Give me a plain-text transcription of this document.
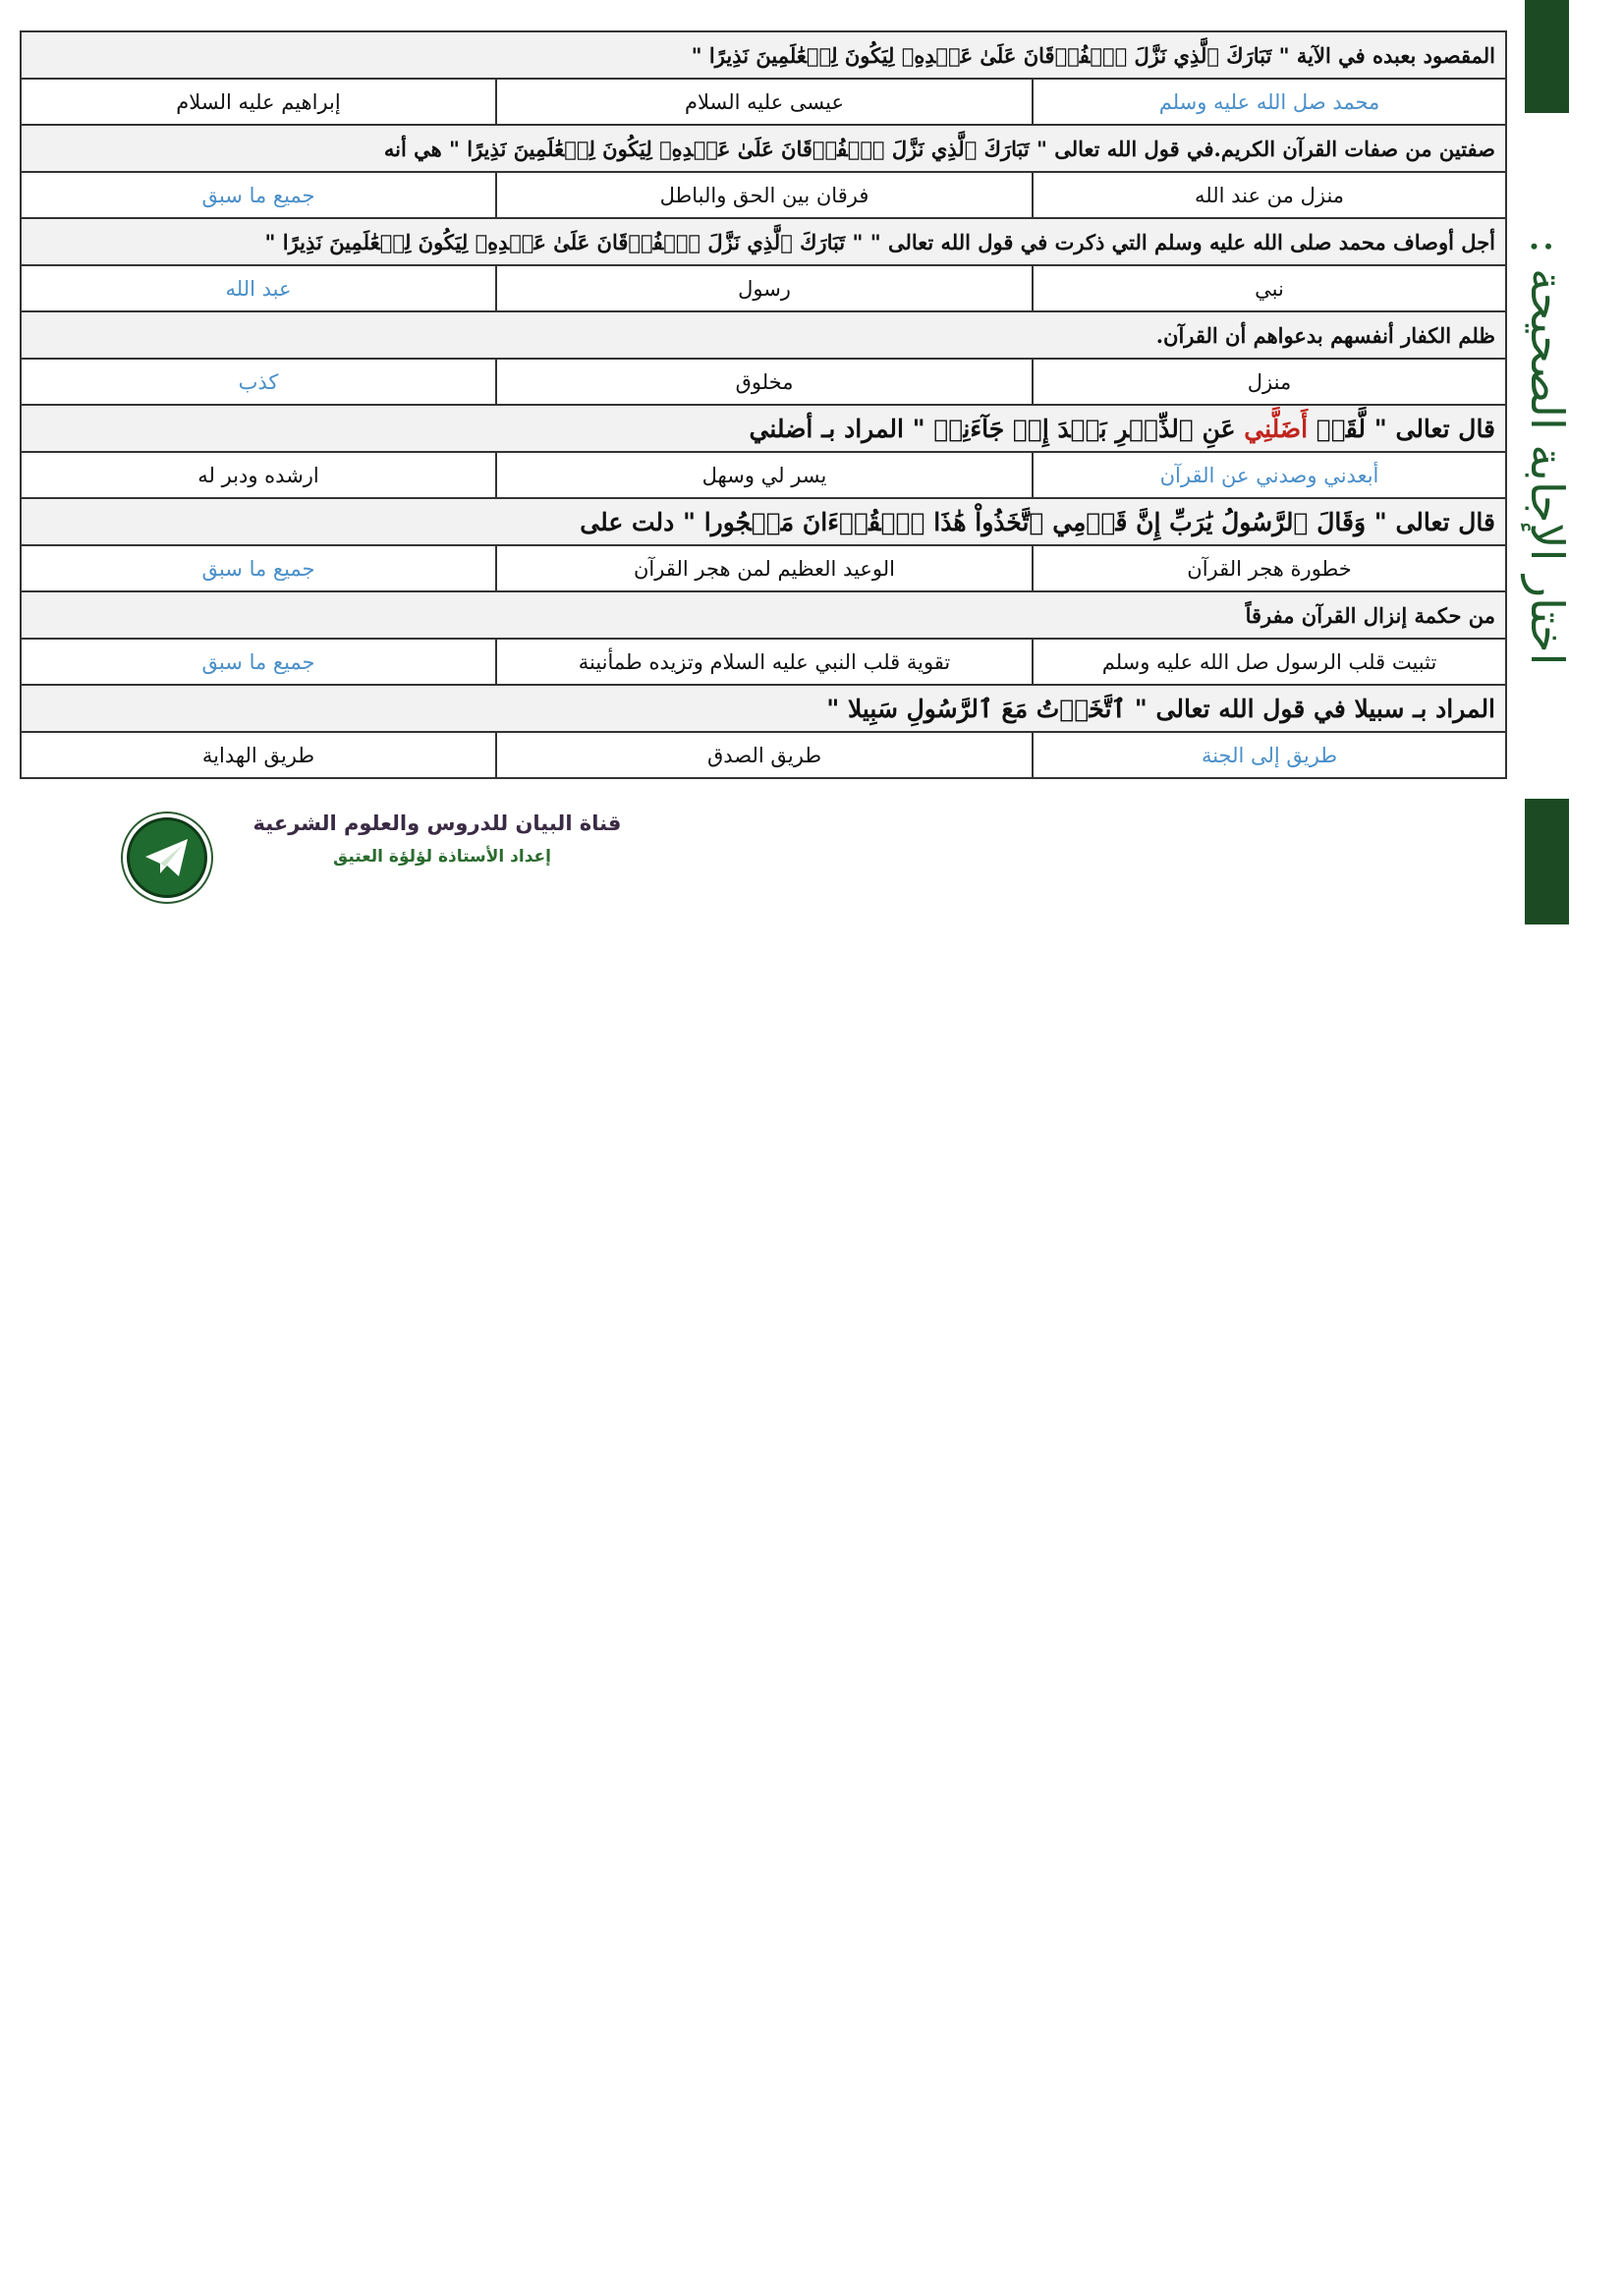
اختار الإجابة الصحيحة :
المقصود بعبده في الآية " تَبَارَكَ ٱلَّذِي نَزَّلَ ٱلۡفُرۡقَانَ عَلَىٰ عَبۡدِهِۦ لِيَكُونَ لِلۡعَٰلَمِينَ نَذِيرًا "		
محمد صل الله عليه وسلم	عيسى عليه السلام	إبراهيم عليه السلام
صفتين من صفات القرآن الكريم.في قول الله تعالى " تَبَارَكَ ٱلَّذِي نَزَّلَ ٱلۡفُرۡقَانَ عَلَىٰ عَبۡدِهِۦ لِيَكُونَ لِلۡعَٰلَمِينَ نَذِيرًا " هي أنه		
منزل من عند الله	فرقان بين الحق والباطل	جميع ما سبق
أجل أوصاف محمد صلى الله عليه وسلم التي ذكرت في قول الله تعالى " " تَبَارَكَ ٱلَّذِي نَزَّلَ ٱلۡفُرۡقَانَ عَلَىٰ عَبۡدِهِۦ لِيَكُونَ لِلۡعَٰلَمِينَ نَذِيرًا "		
نبي	رسول	عبد الله
ظلم الكفار أنفسهم بدعواهم أن القرآن.		
منزل	مخلوق	كذب
قال تعالى " لَّقَدۡ أَضَلَّنِي عَنِ ٱلذِّكۡرِ بَعۡدَ إِذۡ جَآءَنِيۗ " المراد بـ أضلني		
أبعدني وصدني عن القرآن	يسر لي وسهل	ارشده ودبر له
قال تعالى " وَقَالَ ٱلرَّسُولُ يَٰرَبِّ إِنَّ قَوۡمِي ٱتَّخَذُواْ هَٰذَا ٱلۡقُرۡءَانَ مَهۡجُورا " دلت على		
خطورة هجر القرآن	الوعيد العظيم لمن هجر القرآن	جميع ما سبق
من حكمة إنزال القرآن مفرقاً		
تثبيت قلب الرسول صل الله عليه وسلم	تقوية قلب النبي عليه السلام وتزيده طمأنينة	جميع ما سبق
المراد بـ سبيلا في قول الله تعالى " ٱتَّخَذۡتُ مَعَ ٱلرَّسُولِ سَبِيلا "		
طريق إلى الجنة	طريق الصدق	طريق الهداية
قناة البيان للدروس والعلوم الشرعية
إعداد الأستاذة لؤلؤة العتيق
